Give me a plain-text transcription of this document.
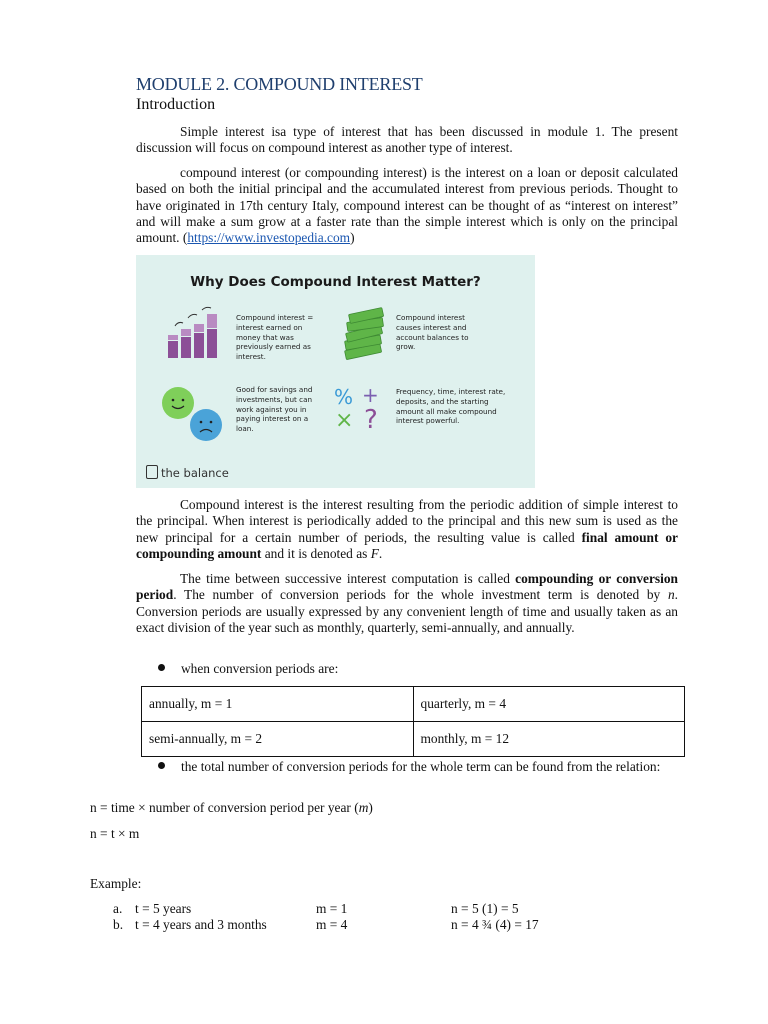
MODULE 2. COMPOUND INTEREST
Introduction

Simple interest isa type of interest that has been discussed in module 1. The present discussion will focus on compound interest as another type of interest.

compound interest (or compounding interest) is the interest on a loan or deposit calculated based on both the initial principal and the accumulated interest from previous periods. Thought to have originated in 17th century Italy, compound interest can be thought of as “interest on interest” and will make a sum grow at a faster rate than the simple interest which is only on the principal amount. (https://www.investopedia.com)

Why Does Compound Interest Matter?
Compound interest = interest earned on money that was previously earned as interest.
Compound interest causes interest and account balances to grow.
Good for savings and investments, but can work against you in paying interest on a loan.
% +
× ?
Frequency, time, interest rate, deposits, and the starting amount all make compound interest powerful.
the balance

Compound interest is the interest resulting from the periodic addition of simple interest to the principal. When interest is periodically added to the principal and this new sum is used as the new principal for a certain number of periods, the resulting value is called final amount or compounding amount and it is denoted as F.

The time between successive interest computation is called compounding or conversion period. The number of conversion periods for the whole investment term is denoted by n. Conversion periods are usually expressed by any convenient length of time and usually taken as an exact division of the year such as monthly, quarterly, semi-annually, and annually.

when conversion periods are:
annually, m = 1	quarterly, m = 4
semi-annually, m = 2	monthly, m = 12
the total number of conversion periods for the whole term can be found from the relation:
n = time × number of conversion period per year (m)
n = t × m
Example:
a. t = 5 years	m = 1	n = 5 (1) = 5
b. t = 4 years and 3 months	m = 4	n = 4 ¾ (4) = 17
